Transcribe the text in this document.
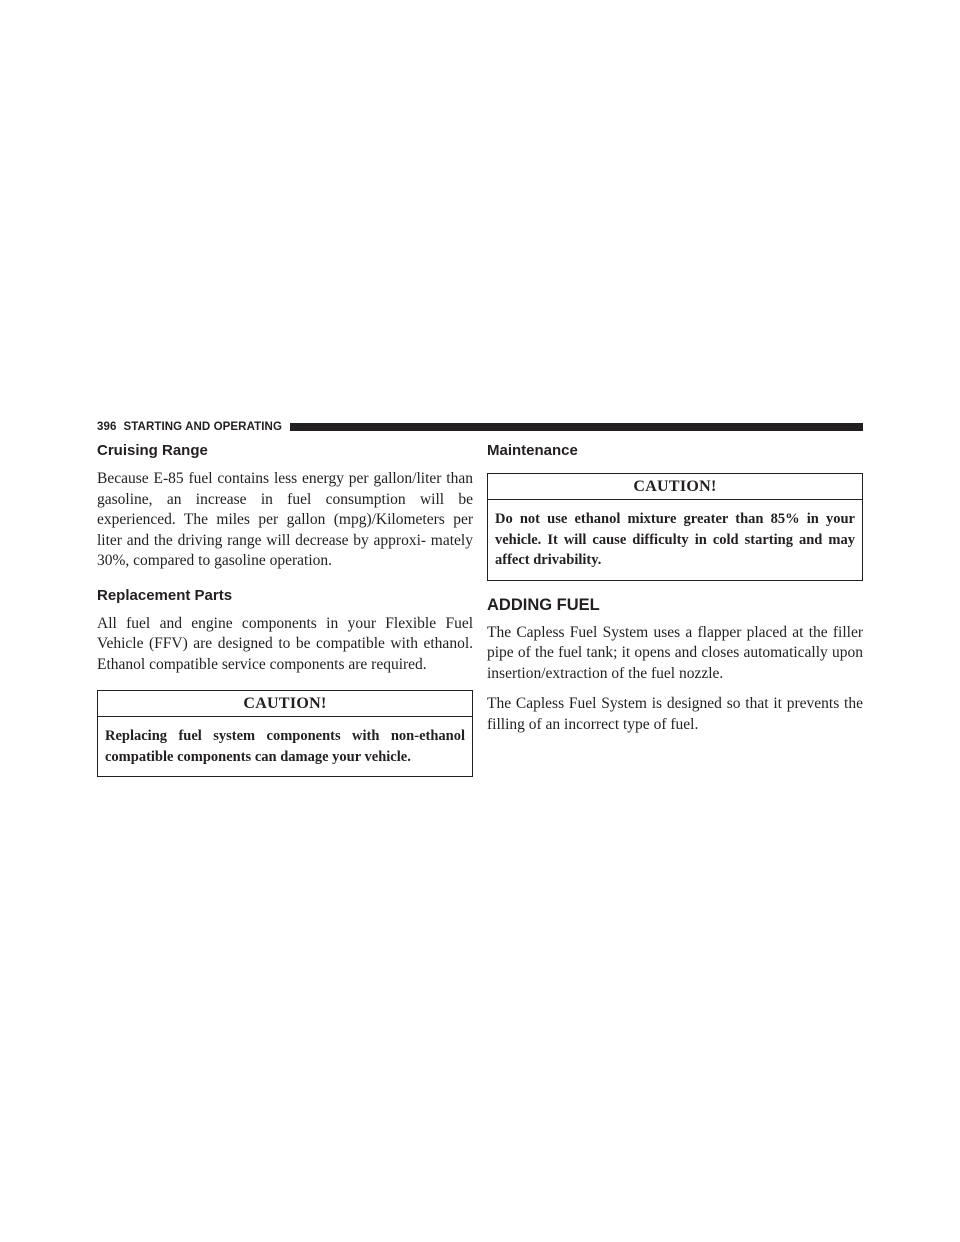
396 STARTING AND OPERATING
Cruising Range

Because E-85 fuel contains less energy per gallon/liter than gasoline, an increase in fuel consumption will be experienced. The miles per gallon (mpg)/Kilometers per liter and the driving range will decrease by approxi- mately 30%, compared to gasoline operation.

Replacement Parts

All fuel and engine components in your Flexible Fuel Vehicle (FFV) are designed to be compatible with ethanol. Ethanol compatible service components are required.

CAUTION!
Replacing fuel system components with non-ethanol compatible components can damage your vehicle.
Maintenance
CAUTION!
Do not use ethanol mixture greater than 85% in your vehicle. It will cause difficulty in cold starting and may affect drivability.
ADDING FUEL

The Capless Fuel System uses a flapper placed at the filler pipe of the fuel tank; it opens and closes automatically upon insertion/extraction of the fuel nozzle.

The Capless Fuel System is designed so that it prevents the filling of an incorrect type of fuel.
